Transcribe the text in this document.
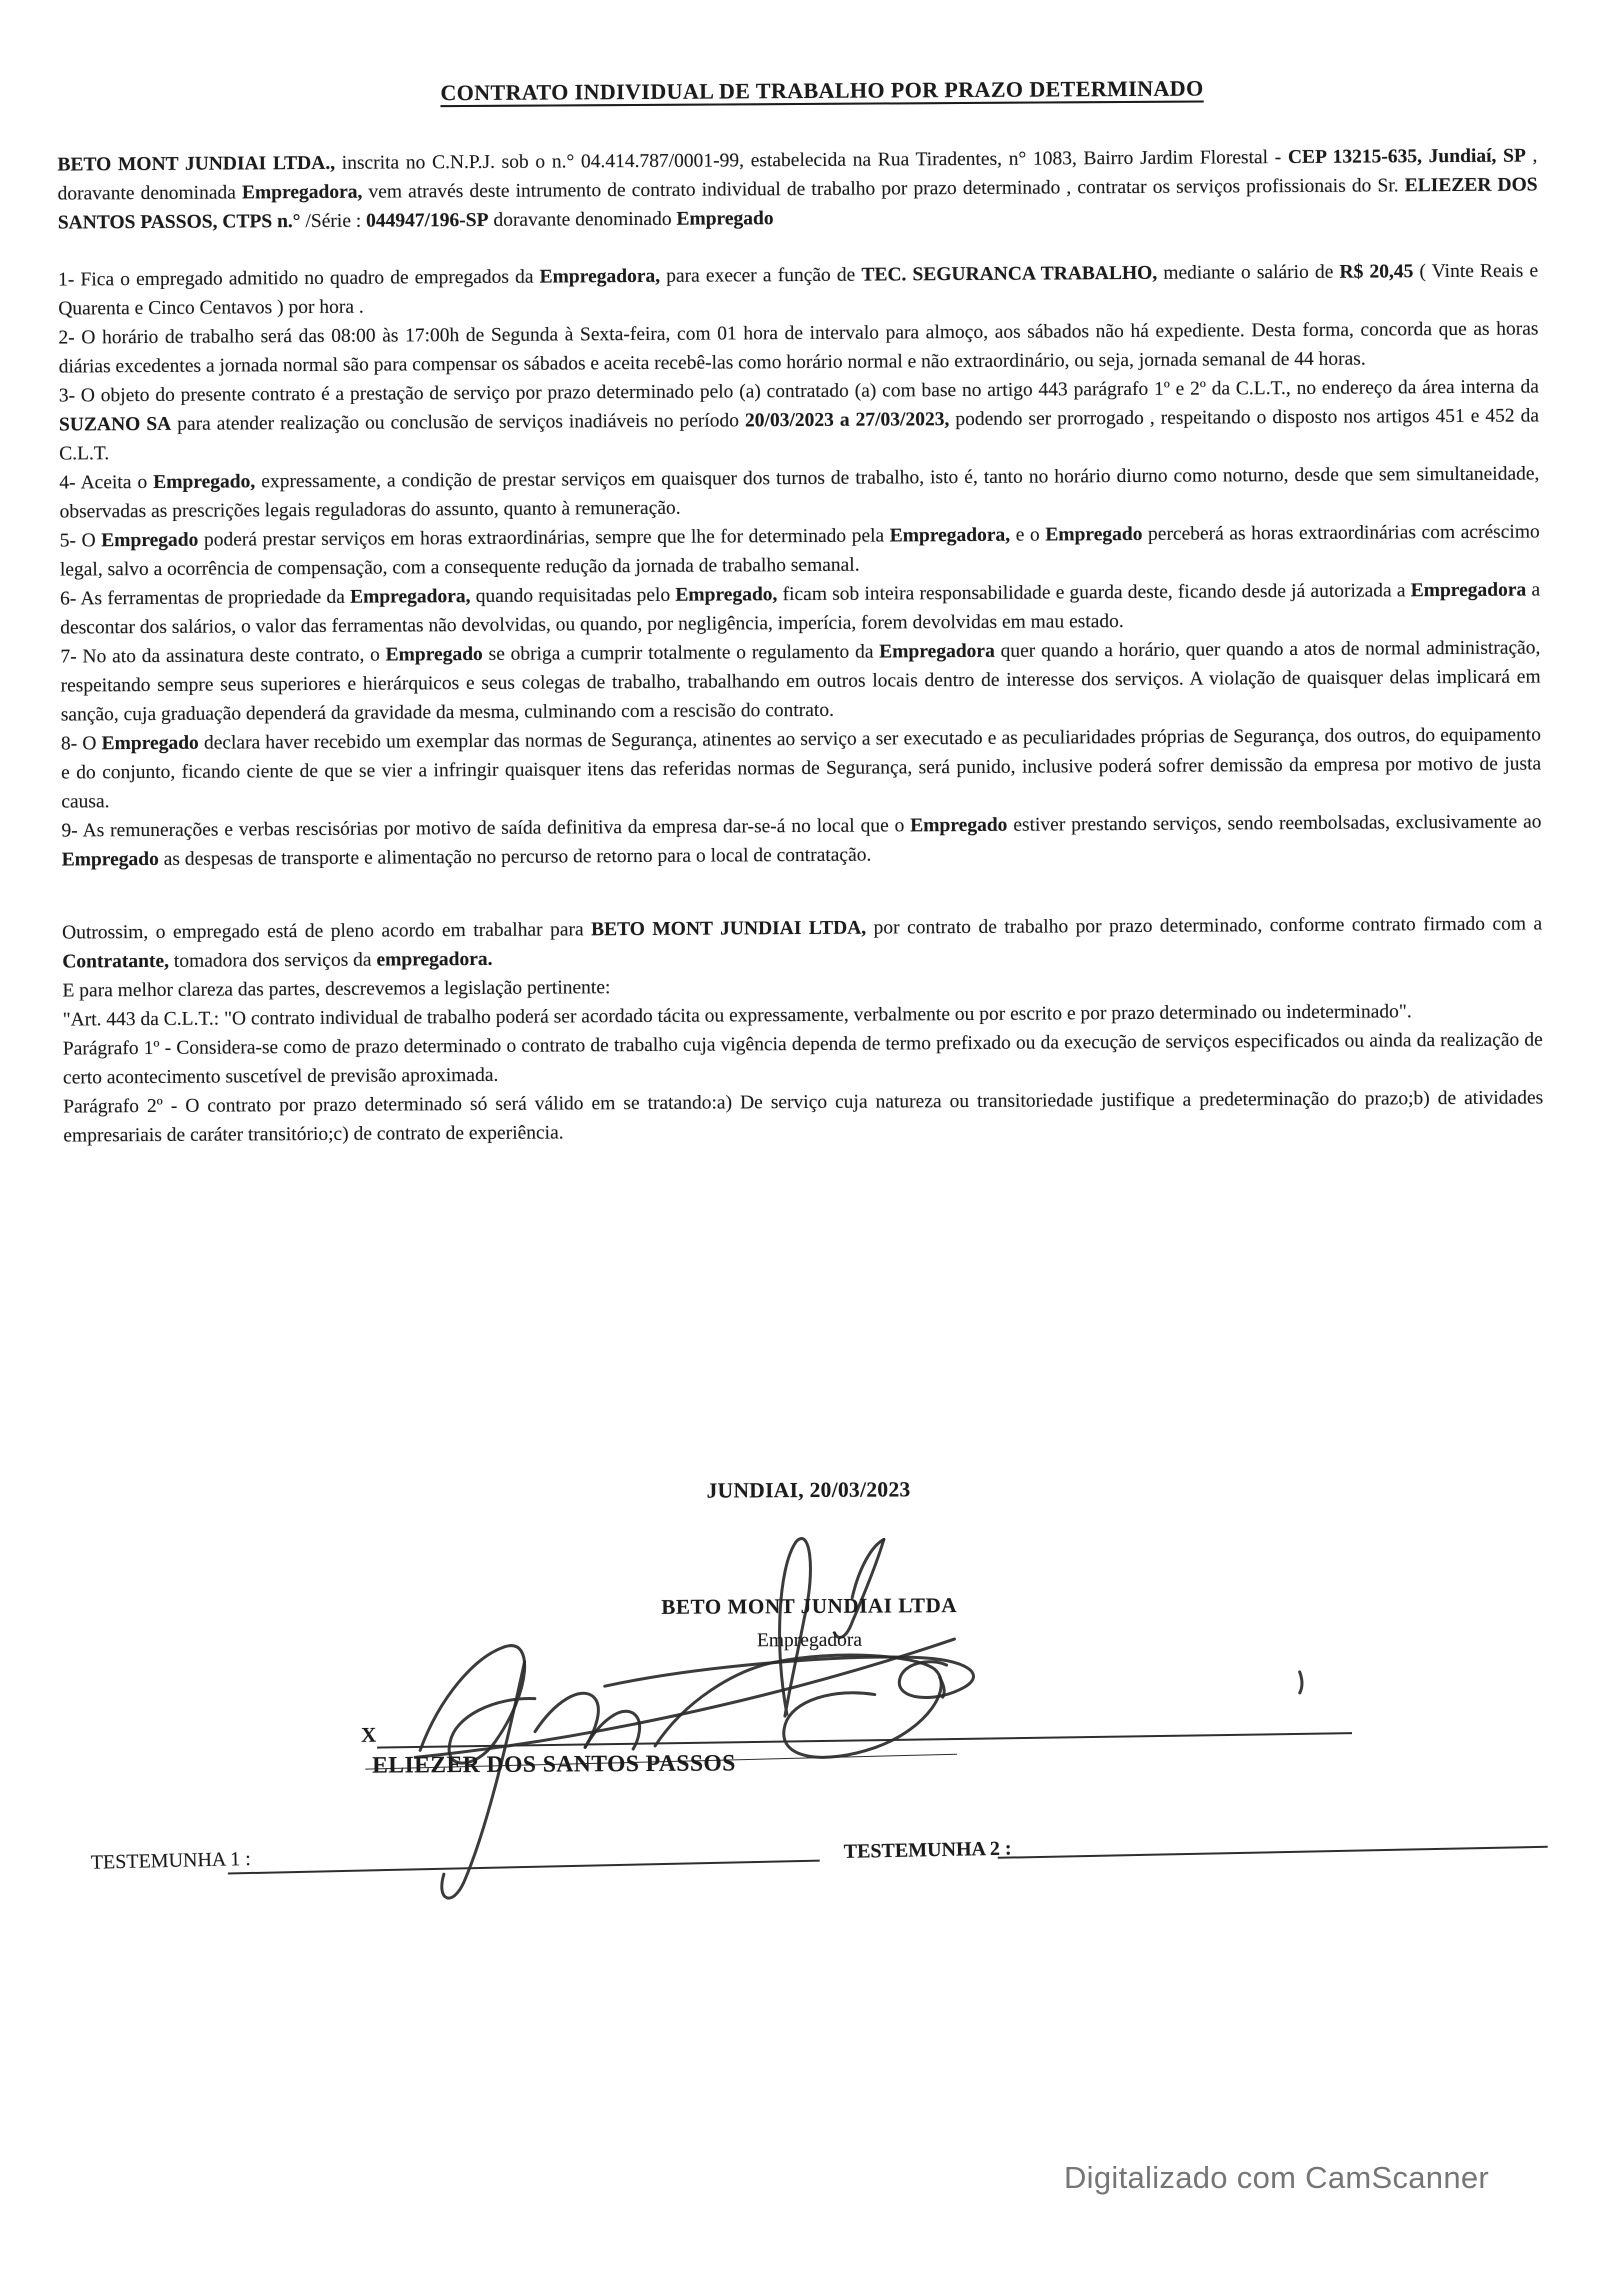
CONTRATO INDIVIDUAL DE TRABALHO POR PRAZO DETERMINADO

BETO MONT JUNDIAI LTDA., inscrita no C.N.P.J. sob o n.° 04.414.787/0001-99, estabelecida na Rua Tiradentes, n° 1083, Bairro Jardim Florestal - CEP 13215-635, Jundiaí, SP , doravante denominada Empregadora, vem através deste intrumento de contrato individual de trabalho por prazo determinado , contratar os serviços profissionais do Sr. ELIEZER DOS SANTOS PASSOS, CTPS n.° /Série : 044947/196-SP doravante denominado Empregado

1- Fica o empregado admitido no quadro de empregados da Empregadora, para execer a função de TEC. SEGURANCA TRABALHO, mediante o salário de R$ 20,45 ( Vinte Reais e Quarenta e Cinco Centavos ) por hora .

2- O horário de trabalho será das 08:00 às 17:00h de Segunda à Sexta-feira, com 01 hora de intervalo para almoço, aos sábados não há expediente. Desta forma, concorda que as horas diárias excedentes a jornada normal são para compensar os sábados e aceita recebê-las como horário normal e não extraordinário, ou seja, jornada semanal de 44 horas.

3- O objeto do presente contrato é a prestação de serviço por prazo determinado pelo (a) contratado (a) com base no artigo 443 parágrafo 1º e 2º da C.L.T., no endereço da área interna da SUZANO SA para atender realização ou conclusão de serviços inadiáveis no período 20/03/2023 a 27/03/2023, podendo ser prorrogado , respeitando o disposto nos artigos 451 e 452 da C.L.T.

4- Aceita o Empregado, expressamente, a condição de prestar serviços em quaisquer dos turnos de trabalho, isto é, tanto no horário diurno como noturno, desde que sem simultaneidade, observadas as prescrições legais reguladoras do assunto, quanto à remuneração.

5- O Empregado poderá prestar serviços em horas extraordinárias, sempre que lhe for determinado pela Empregadora, e o Empregado perceberá as horas extraordinárias com acréscimo legal, salvo a ocorrência de compensação, com a consequente redução da jornada de trabalho semanal.

6- As ferramentas de propriedade da Empregadora, quando requisitadas pelo Empregado, ficam sob inteira responsabilidade e guarda deste, ficando desde já autorizada a Empregadora a descontar dos salários, o valor das ferramentas não devolvidas, ou quando, por negligência, imperícia, forem devolvidas em mau estado.

7- No ato da assinatura deste contrato, o Empregado se obriga a cumprir totalmente o regulamento da Empregadora quer quando a horário, quer quando a atos de normal administração, respeitando sempre seus superiores e hierárquicos e seus colegas de trabalho, trabalhando em outros locais dentro de interesse dos serviços. A violação de quaisquer delas implicará em sanção, cuja graduação dependerá da gravidade da mesma, culminando com a rescisão do contrato.

8- O Empregado declara haver recebido um exemplar das normas de Segurança, atinentes ao serviço a ser executado e as peculiaridades próprias de Segurança, dos outros, do equipamento e do conjunto, ficando ciente de que se vier a infringir quaisquer itens das referidas normas de Segurança, será punido, inclusive poderá sofrer demissão da empresa por motivo de justa causa.

9- As remunerações e verbas rescisórias por motivo de saída definitiva da empresa dar-se-á no local que o Empregado estiver prestando serviços, sendo reembolsadas, exclusivamente ao Empregado as despesas de transporte e alimentação no percurso de retorno para o local de contratação.

Outrossim, o empregado está de pleno acordo em trabalhar para BETO MONT JUNDIAI LTDA, por contrato de trabalho por prazo determinado, conforme contrato firmado com a Contratante, tomadora dos serviços da empregadora.

E para melhor clareza das partes, descrevemos a legislação pertinente:

"Art. 443 da C.L.T.: "O contrato individual de trabalho poderá ser acordado tácita ou expressamente, verbalmente ou por escrito e por prazo determinado ou indeterminado".

Parágrafo 1º - Considera-se como de prazo determinado o contrato de trabalho cuja vigência dependa de termo prefixado ou da execução de serviços especificados ou ainda da realização de certo acontecimento suscetível de previsão aproximada.

Parágrafo 2º - O contrato por prazo determinado só será válido em se tratando:a) De serviço cuja natureza ou transitoriedade justifique a predeterminação do prazo;b) de atividades empresariais de caráter transitório;c) de contrato de experiência.

JUNDIAI, 20/03/2023
BETO MONT JUNDIAI LTDA
Empregadora
X
ELIEZER DOS SANTOS PASSOS
TESTEMUNHA 1 :	TESTEMUNHA 2 :
Digitalizado com CamScanner
